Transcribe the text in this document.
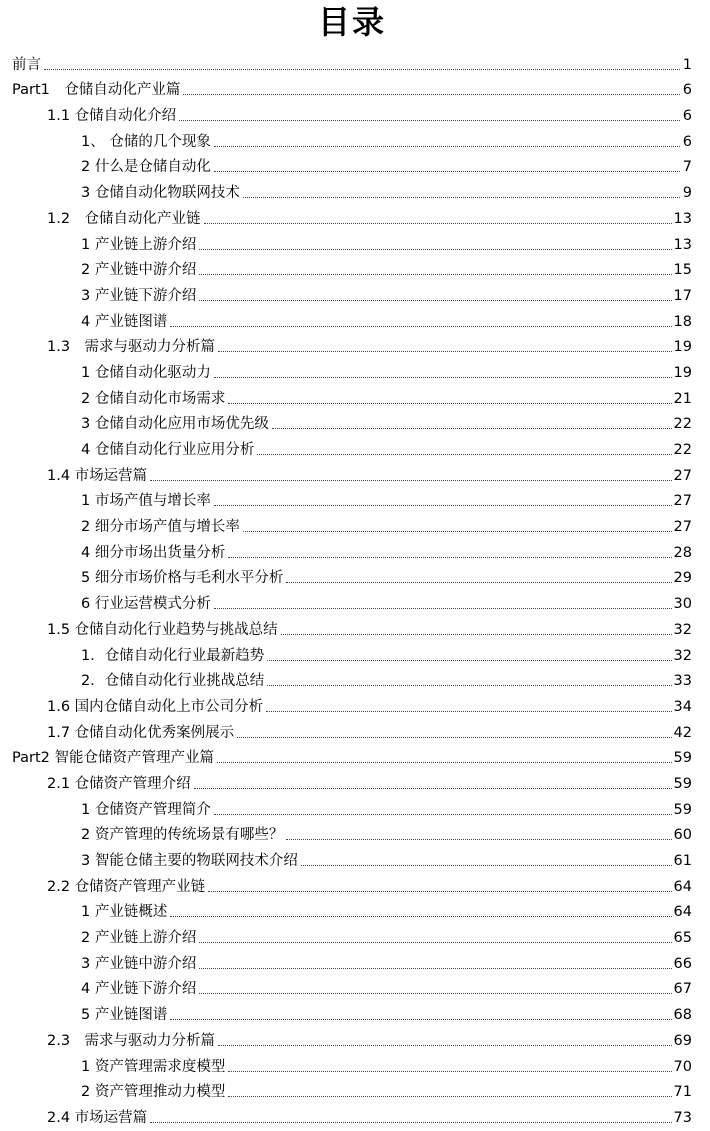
目录
前言	1
Part1　仓储自动化产业篇	6
1.1 仓储自动化介绍	6
1、 仓储的几个现象	6
2 什么是仓储自动化	7
3 仓储自动化物联网技术	9
1.2　仓储自动化产业链	13
1 产业链上游介绍	13
2 产业链中游介绍	15
3 产业链下游介绍	17
4 产业链图谱	18
1.3　需求与驱动力分析篇	19
1 仓储自动化驱动力	19
2 仓储自动化市场需求	21
3 仓储自动化应用市场优先级	22
4 仓储自动化行业应用分析	22
1.4 市场运营篇	27
1 市场产值与增长率	27
2 细分市场产值与增长率	27
4 细分市场出货量分析	28
5 细分市场价格与毛利水平分析	29
6 行业运营模式分析	30
1.5 仓储自动化行业趋势与挑战总结	32
1．仓储自动化行业最新趋势	32
2．仓储自动化行业挑战总结	33
1.6 国内仓储自动化上市公司分析	34
1.7 仓储自动化优秀案例展示	42
Part2 智能仓储资产管理产业篇	59
2.1 仓储资产管理介绍	59
1 仓储资产管理简介	59
2 资产管理的传统场景有哪些？	60
3 智能仓储主要的物联网技术介绍	61
2.2 仓储资产管理产业链	64
1 产业链概述	64
2 产业链上游介绍	65
3 产业链中游介绍	66
4 产业链下游介绍	67
5 产业链图谱	68
2.3　需求与驱动力分析篇	69
1 资产管理需求度模型	70
2 资产管理推动力模型	71
2.4 市场运营篇	73
